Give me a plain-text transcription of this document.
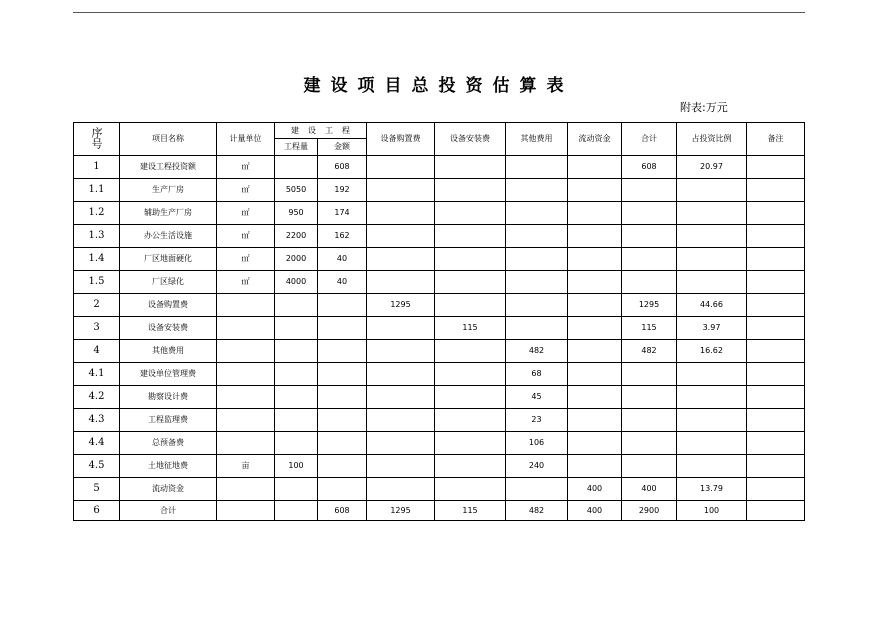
建设项目总投资估算表
附表:万元
序号	项目名称	计量单位	建设工程		设备购置费	设备安装费	其他费用	流动资金	合计	占投资比例	备注
			工程量	金额							
1	建设工程投资额	㎡		608					608	20.97	
1.1	生产厂房	㎡	5050	192							
1.2	辅助生产厂房	㎡	950	174							
1.3	办公生活设施	㎡	2200	162							
1.4	厂区地面硬化	㎡	2000	40							
1.5	厂区绿化	㎡	4000	40							
2	设备购置费				1295				1295	44.66	
3	设备安装费					115			115	3.97	
4	其他费用						482		482	16.62	
4.1	建设单位管理费						68				
4.2	勘察设计费						45				
4.3	工程监理费						23				
4.4	总预备费						106				
4.5	土地征地费	亩	100				240				
5	流动资金							400	400	13.79	
6	合计			608	1295	115	482	400	2900	100	
